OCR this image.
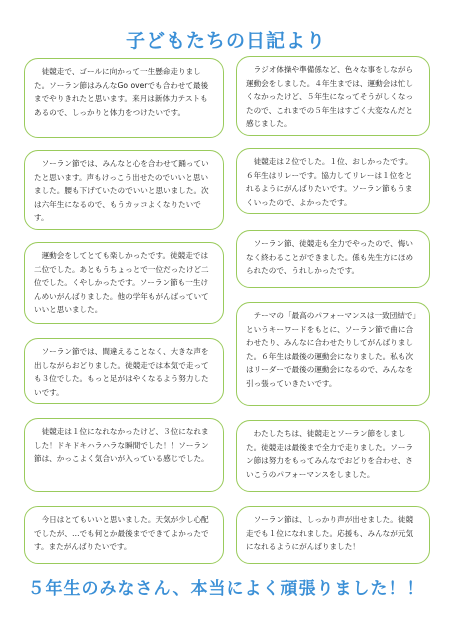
子どもたちの日記より
徒競走で、ゴールに向かって一生懸命走りました。ソーラン節はみんなGo overでも合わせて最後までやりきれたと思います。来月は新体力テストもあるので、しっかりと体力をつけたいです。
ソーラン節では、みんなと心を合わせて踊っていたと思います。声もけっこう出せたのでいいと思いました。腰も下げていたのでいいと思いました。次は六年生になるので、もうカッコよくなりたいです。
運動会をしてとても楽しかったです。徒競走では二位でした。あともうちょっとで一位だったけど二位でした。くやしかったです。ソーラン節も一生けんめいがんばりました。他の学年もがんばっていていいと思いました。
ソーラン節では、間違えることなく、大きな声を出しながらおどりました。徒競走では本気で走っても３位でした。もっと足がはやくなるよう努力したいです。
徒競走は１位になれなかったけど、３位になれました！ドキドキハラハラな瞬間でした！！ソーラン節は、かっこよく気合いが入っている感じでした。
今日はとてもいいと思いました。天気が少し心配でしたが、…でも何とか最後までできてよかったです。またがんばりたいです。
ラジオ体操や準備係など、色々な事をしながら運動会をしました。４年生までは、運動会は忙しくなかったけど、５年生になってそうがしくなったので、これまでの５年生はすごく大変なんだと感じました。
徒競走は２位でした。１位、おしかったです。６年生はリレーです。協力してリレーは１位をとれるようにがんばりたいです。ソーラン節もうまくいったので、よかったです。
ソーラン節、徒競走も全力でやったので、悔いなく終わることができました。係も先生方にほめられたので、うれしかったです。
テーマの「最高のパフォーマンスは一致団結で」というキーワードをもとに、ソーラン節で曲に合わせたり、みんなに合わせたりしてがんばりました。６年生は最後の運動会になりました。私も次はリーダーで最後の運動会になるので、みんなを引っ張っていきたいです。
わたしたちは、徒競走とソーラン節をしました。徒競走は最後まで全力で走りました。ソーラン節は努力をもってみんなでおどりを合わせ、さいこうのパフォーマンスをしました。
ソーラン節は、しっかり声が出せました。徒競走でも１位になれました。応援も、みんなが元気になれるようにがんばりました！
５年生のみなさん、本当によく頑張りました！！
